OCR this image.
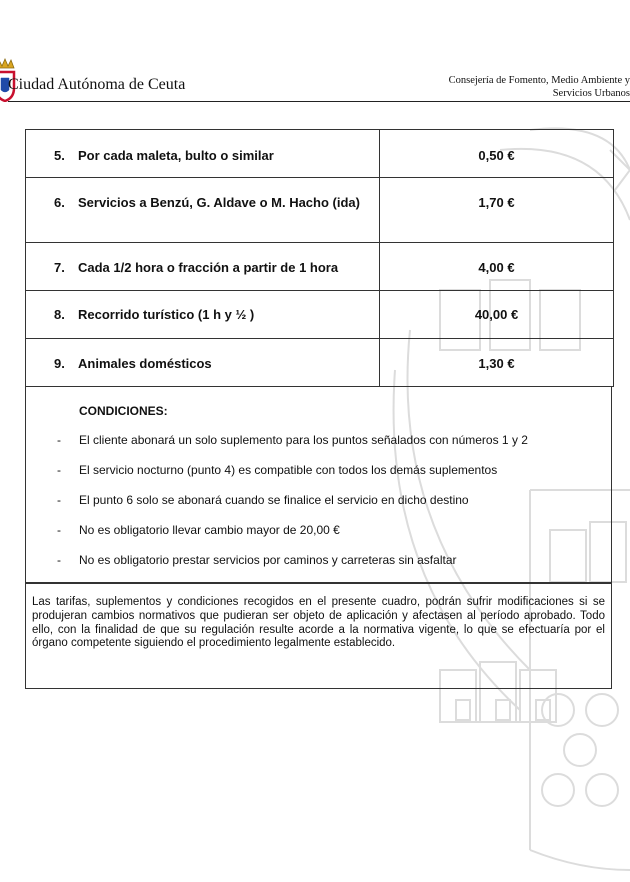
Ciudad Autónoma de Ceuta	Consejería de Fomento, Medio Ambiente y
Servicios Urbanos
5.	Por cada maleta, bulto o similar	0,50 €
6.	Servicios a Benzú, G. Aldave o M. Hacho (ida)	1,70 €
7.	Cada 1/2 hora o fracción a partir de 1 hora	4,00 €
8.	Recorrido turístico (1 h y ½ )	40,00 €
9.	Animales domésticos	1,30 €
CONDICIONES:
- El cliente abonará un solo suplemento para los puntos señalados con números 1 y 2
- El servicio nocturno (punto 4) es compatible con todos los demás suplementos
- El punto 6 solo se abonará cuando se finalice el servicio en dicho destino
- No es obligatorio llevar cambio mayor de 20,00 €
- No es obligatorio prestar servicios por caminos y carreteras sin asfaltar
Las tarifas, suplementos y condiciones recogidos en el presente cuadro, podrán sufrir modificaciones si se produjeran cambios normativos que pudieran ser objeto de aplicación y afectasen al período aprobado. Todo ello, con la finalidad de que su regulación resulte acorde a la normativa vigente, lo que se efectuaría por el órgano competente siguiendo el procedimiento legalmente establecido.
